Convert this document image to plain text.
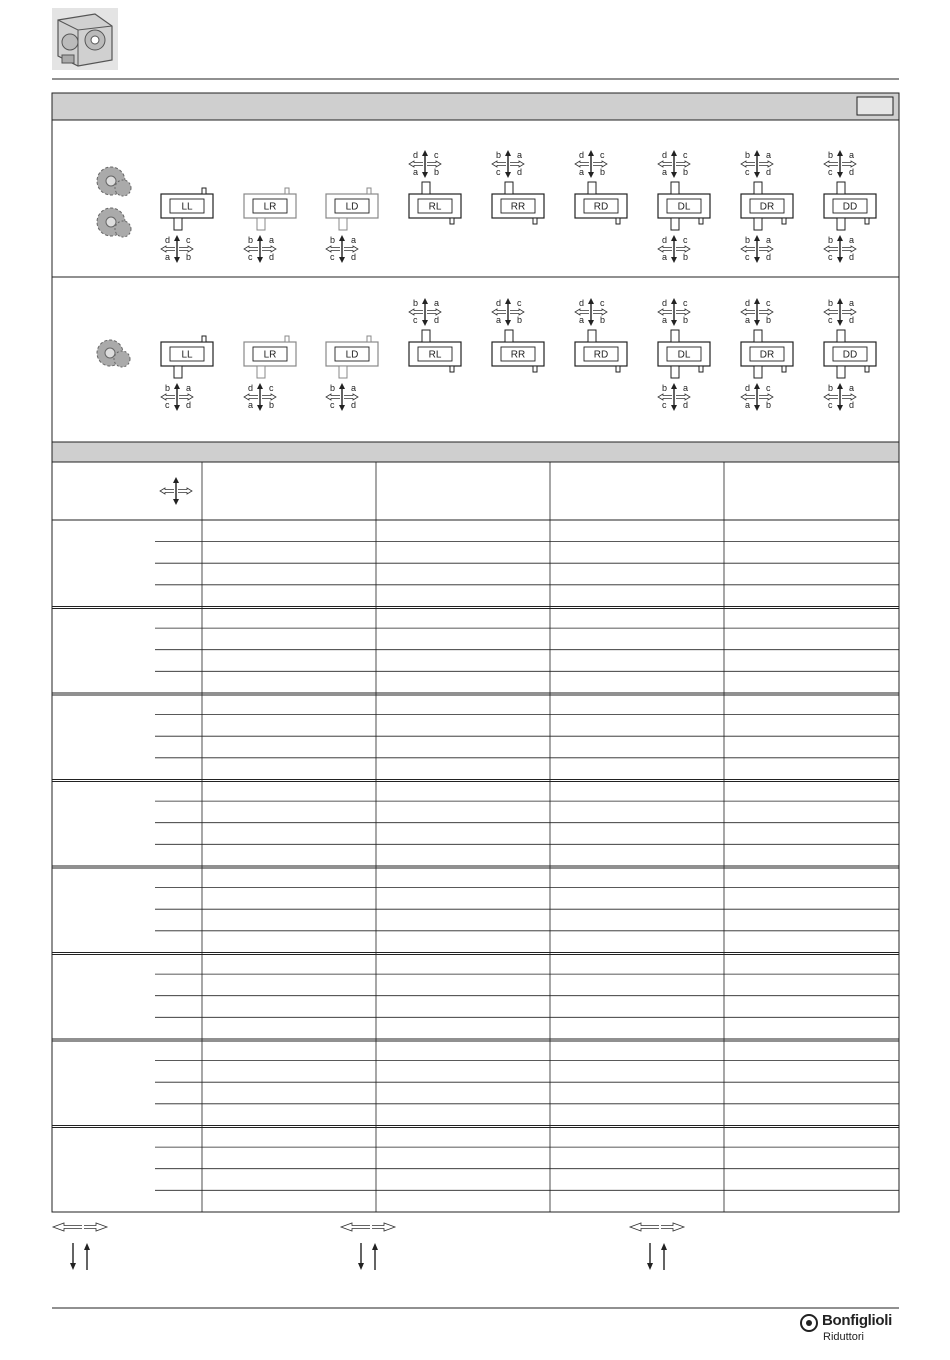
LL
d c
a b
LR
b a
c d
LD
b a
c d
RL
d c
a b
RR
b a
c d
RD
d c
a b
DL
d c
a b
d c
a b
DR
b a
c d
b a
c d
DD
b a
c d
b a
c d
LL
b a
c d
LR
d c
a b
LD
b a
c d
RL
b a
c d
RR
d c
a b
RD
d c
a b
DL
d c
a b
b a
c d
DR
d c
a b
d c
a b
DD
b a
c d
b a
c d
Bonfiglioli
Riduttori
